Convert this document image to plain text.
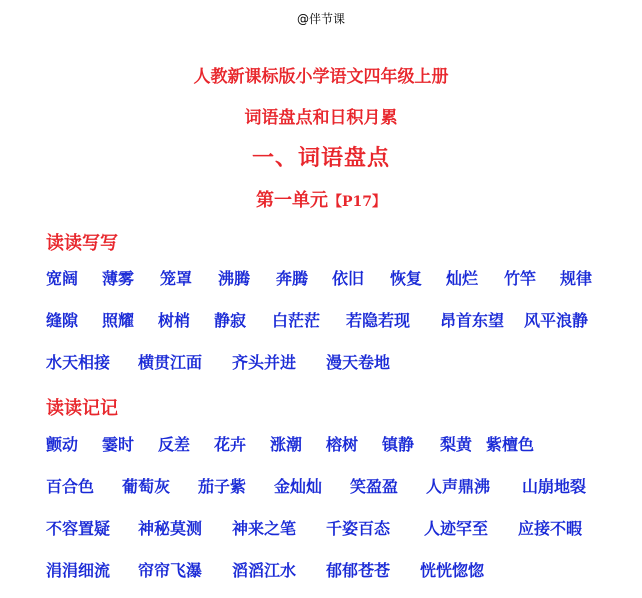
@伴节课
人教新课标版小学语文四年级上册
词语盘点和日积月累
一、词语盘点
第一单元【P17】
读读写写
宽阔 薄雾 笼罩 沸腾 奔腾 依旧 恢复 灿烂 竹竿 规律
缝隙 照耀 树梢 静寂 白茫茫 若隐若现 昂首东望 风平浪静
水天相接 横贯江面 齐头并进 漫天卷地
读读记记
颤动 霎时 反差 花卉 涨潮 榕树 镇静 梨黄 紫檀色
百合色 葡萄灰 茄子紫 金灿灿 笑盈盈 人声鼎沸 山崩地裂
不容置疑 神秘莫测 神来之笔 千姿百态 人迹罕至 应接不暇
涓涓细流 帘帘飞瀑 滔滔江水 郁郁苍苍 恍恍惚惚
